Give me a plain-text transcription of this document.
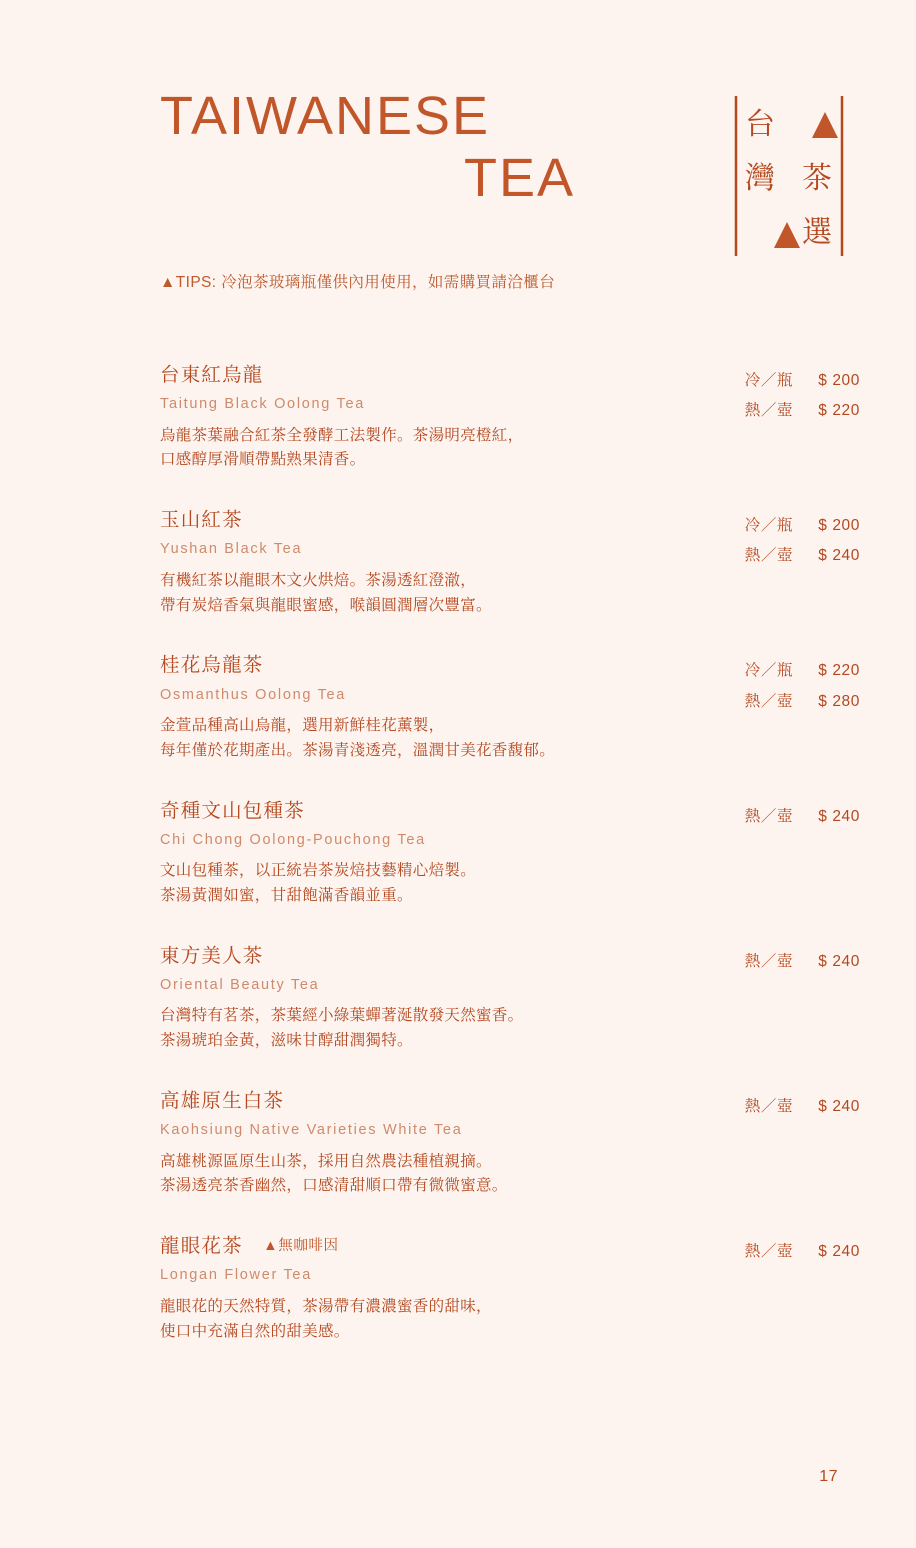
TAIWANESE
TEA
▲TIPS: 冷泡茶玻璃瓶僅供內用使用，如需購買請洽櫃台
台
灣 茶
選
台東紅烏龍
Taitung Black Oolong Tea
烏龍茶葉融合紅茶全發酵工法製作。茶湯明亮橙紅，
口感醇厚滑順帶點熟果清香。
冷／瓶 $ 200
熱／壺 $ 220
玉山紅茶
Yushan Black Tea
有機紅茶以龍眼木文火烘焙。茶湯透紅澄澈，
帶有炭焙香氣與龍眼蜜感，喉韻圓潤層次豐富。
冷／瓶 $ 200
熱／壺 $ 240
桂花烏龍茶
Osmanthus Oolong Tea
金萱品種高山烏龍，選用新鮮桂花薰製，
每年僅於花期產出。茶湯青淺透亮，溫潤甘美花香馥郁。
冷／瓶 $ 220
熱／壺 $ 280
奇種文山包種茶
Chi Chong Oolong-Pouchong Tea
文山包種茶，以正統岩茶炭焙技藝精心焙製。
茶湯黃潤如蜜，甘甜飽滿香韻並重。
熱／壺 $ 240
東方美人茶
Oriental Beauty Tea
台灣特有茗茶，茶葉經小綠葉蟬著涎散發天然蜜香。
茶湯琥珀金黃，滋味甘醇甜潤獨特。
熱／壺 $ 240
高雄原生白茶
Kaohsiung Native Varieties White Tea
高雄桃源區原生山茶，採用自然農法種植親摘。
茶湯透亮茶香幽然，口感清甜順口帶有微微蜜意。
熱／壺 $ 240
龍眼花茶 ▲無咖啡因
Longan Flower Tea
龍眼花的天然特質，茶湯帶有濃濃蜜香的甜味，
使口中充滿自然的甜美感。
熱／壺 $ 240
17
